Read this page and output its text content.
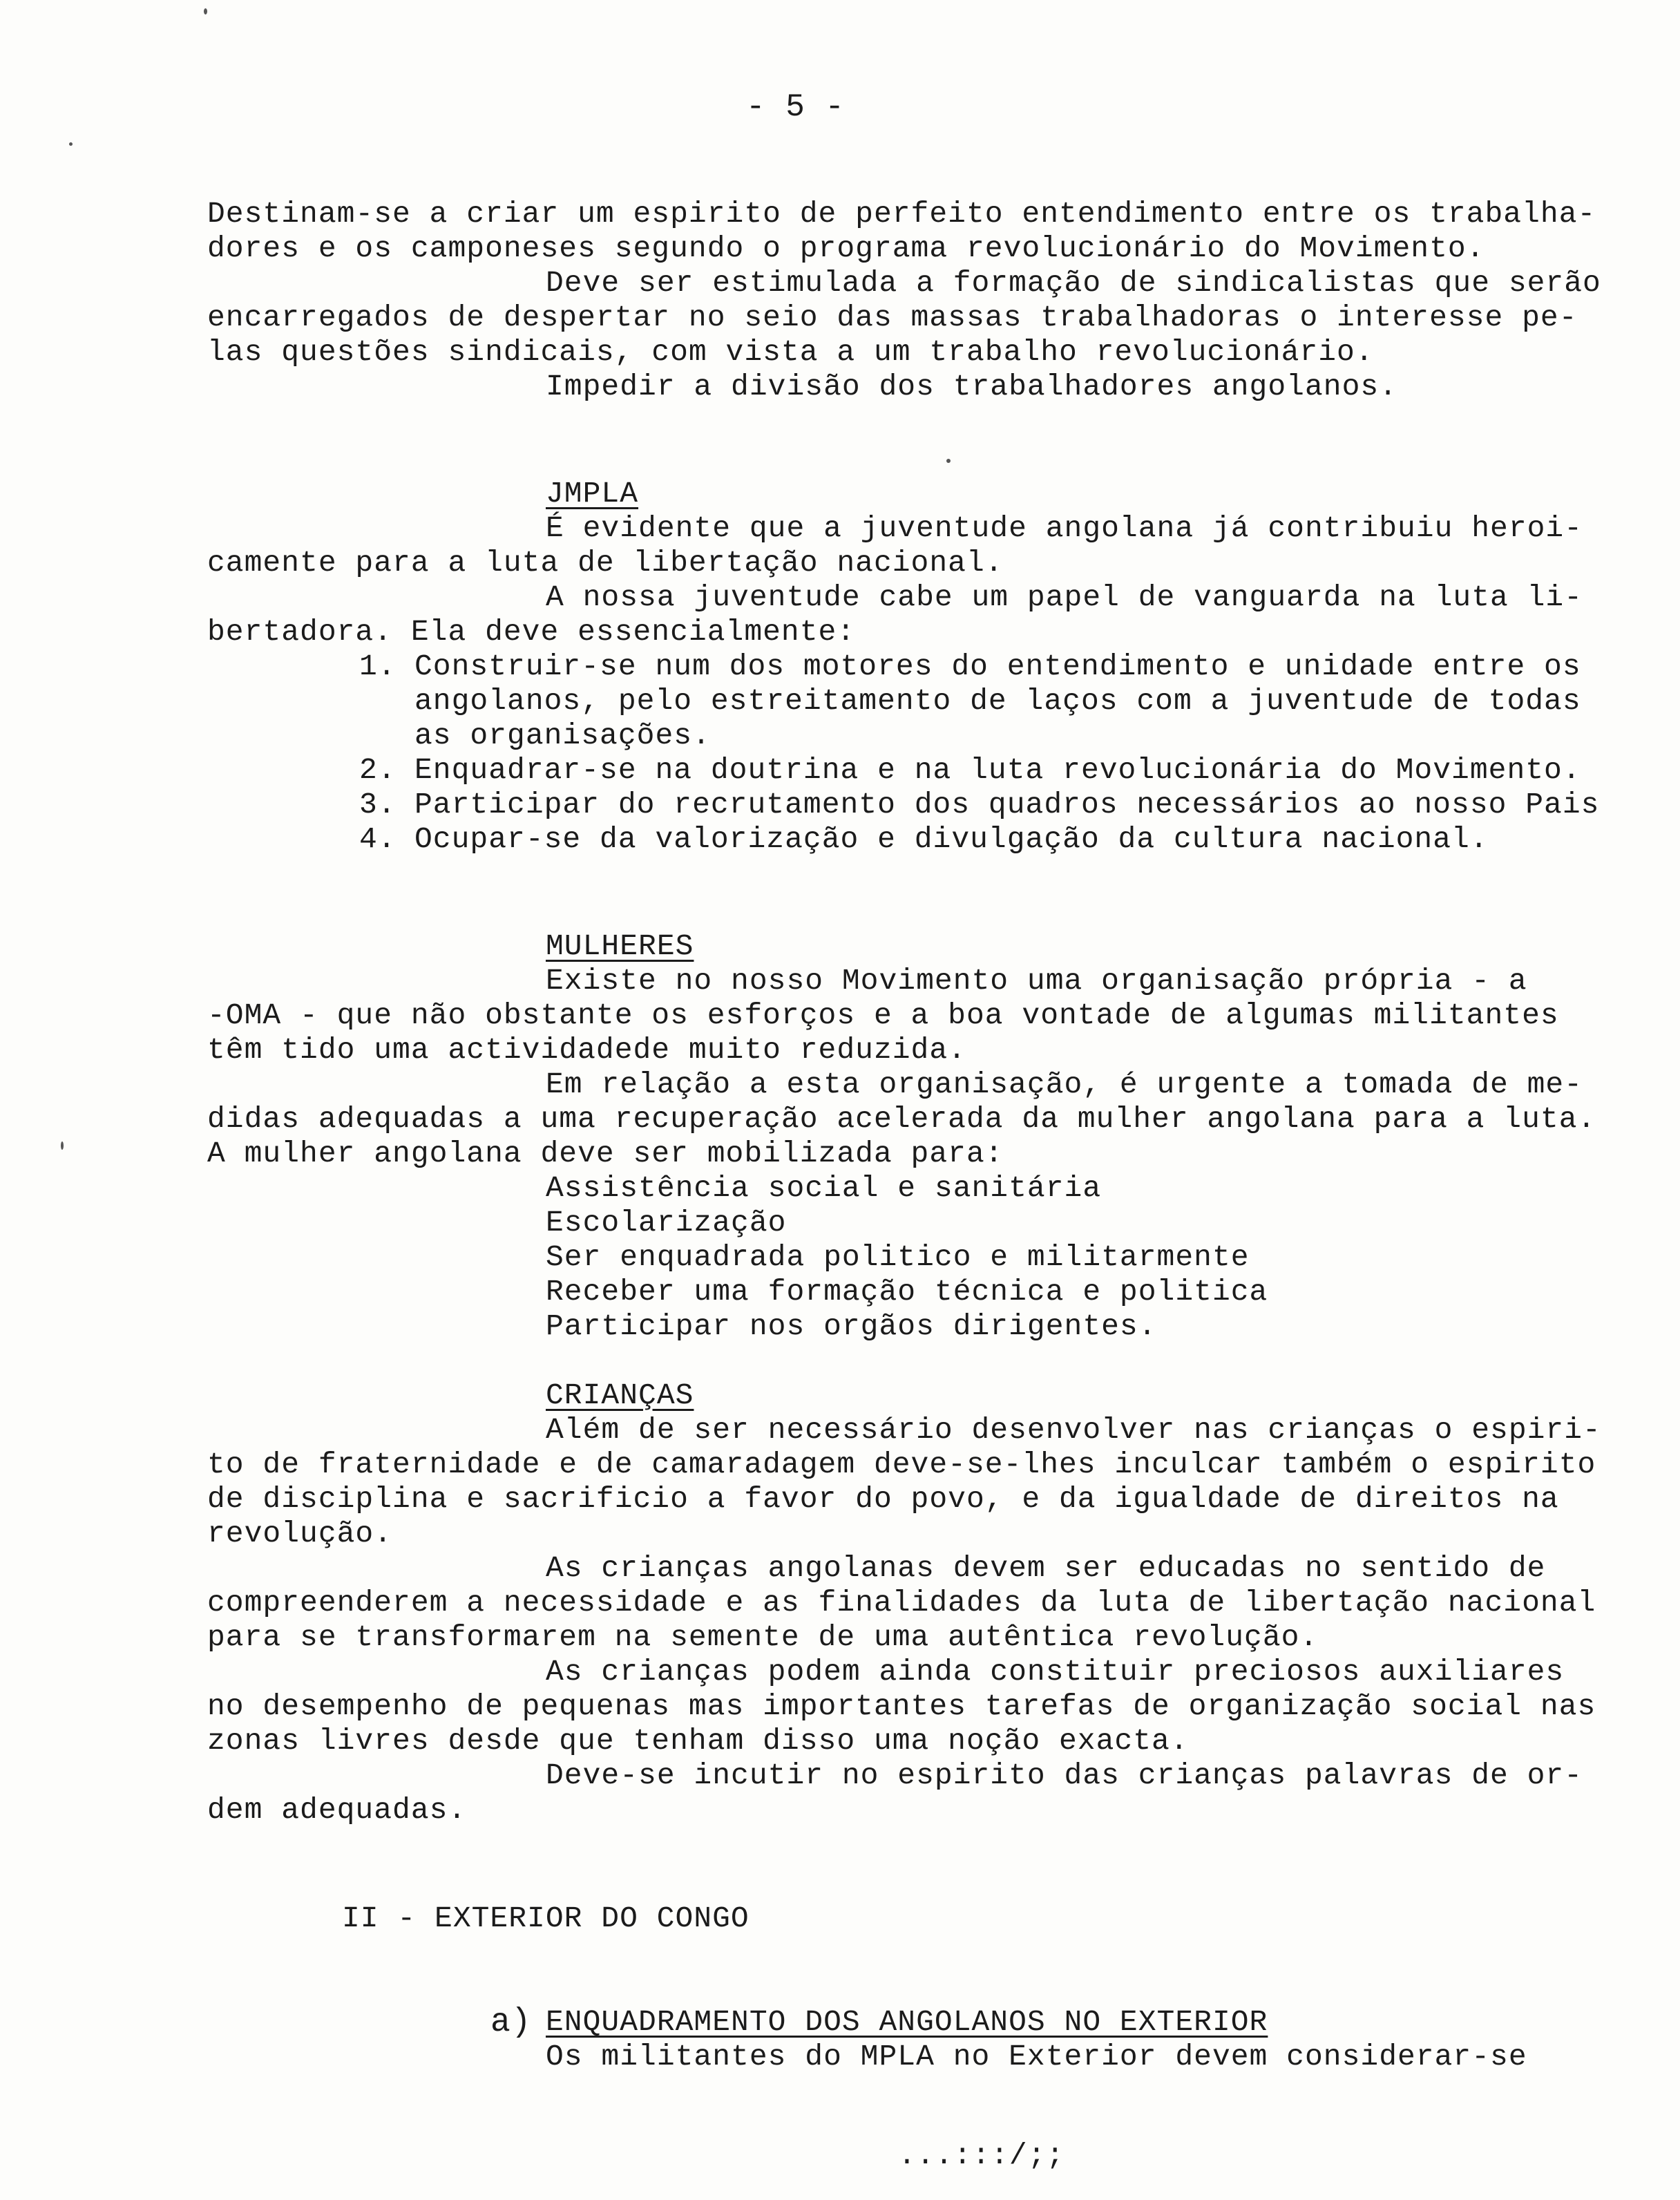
- 5 -
Destinam-se a criar um espirito de perfeito entendimento entre os trabalha-
dores e os camponeses segundo o programa revolucionário do Movimento.
Deve ser estimulada a formação de sindicalistas que serão
encarregados de despertar no seio das massas trabalhadoras o interesse pe-
las questões sindicais, com vista a um trabalho revolucionário.
Impedir a divisão dos trabalhadores angolanos.
JMPLA
É evidente que a juventude angolana já contribuiu heroi-
camente para a luta de libertação nacional.
A nossa juventude cabe um papel de vanguarda na luta li-
bertadora. Ela deve essencialmente:
1. Construir-se num dos motores do entendimento e unidade entre os
angolanos, pelo estreitamento de laços com a juventude de todas
as organisações.
2. Enquadrar-se na doutrina e na luta revolucionária do Movimento.
3. Participar do recrutamento dos quadros necessários ao nosso Pais
4. Ocupar-se da valorização e divulgação da cultura nacional.
MULHERES
Existe no nosso Movimento uma organisação própria - a
-OMA - que não obstante os esforços e a boa vontade de algumas militantes
têm tido uma actividadede muito reduzida.
Em relação a esta organisação, é urgente a tomada de me-
didas adequadas a uma recuperação acelerada da mulher angolana para a luta.
A mulher angolana deve ser mobilizada para:
Assistência social e sanitária
Escolarização
Ser enquadrada politico e militarmente
Receber uma formação técnica e politica
Participar nos orgãos dirigentes.
CRIANÇAS
Além de ser necessário desenvolver nas crianças o espiri-
to de fraternidade e de camaradagem deve-se-lhes inculcar também o espirito
de disciplina e sacrificio a favor do povo, e da igualdade de direitos na
revolução.
As crianças angolanas devem ser educadas no sentido de
compreenderem a necessidade e as finalidades da luta de libertação nacional
para se transformarem na semente de uma autêntica revolução.
As crianças podem ainda constituir preciosos auxiliares
no desempenho de pequenas mas importantes tarefas de organização social nas
zonas livres desde que tenham disso uma noção exacta.
Deve-se incutir no espirito das crianças palavras de or-
dem adequadas.
II - EXTERIOR DO CONGO
a) ENQUADRAMENTO DOS ANGOLANOS NO EXTERIOR
Os militantes do MPLA no Exterior devem considerar-se
...:::/;;
